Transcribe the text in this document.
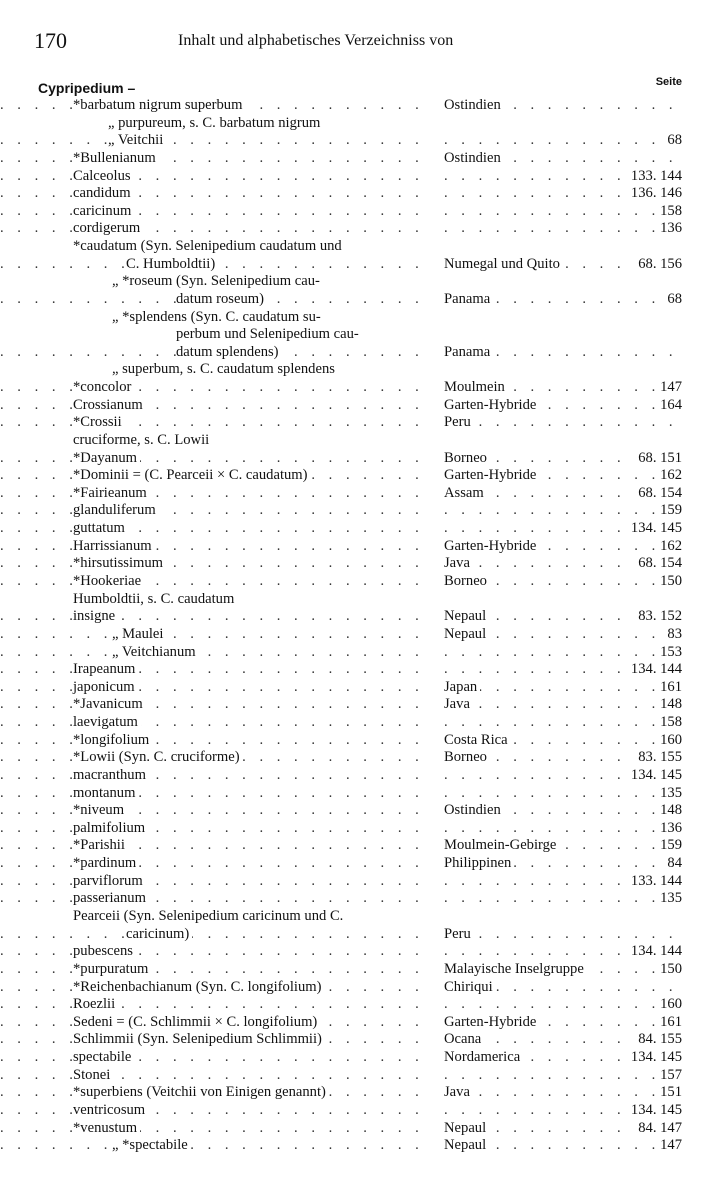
170	Inhalt und alphabetisches Verzeichniss von
Cypripedium –	Seite
. . .
*barbatum nigrum superbum . . .	Ostindien
„ purpureum, s. C. barbatum nigrum
. . .
„ Veitchii . . .	68
. . .
*Bullenianum . . .	Ostindien
. . .
Calceolus . . .	133. 144
. . .
candidum . . .	136. 146
. . .
caricinum . . .	158
. . .
cordigerum . . .	136
*caudatum (Syn. Selenipedium caudatum und
. . .
C. Humboldtii) . . .	Numegal und Quito	68. 156
„ *roseum (Syn. Selenipedium cau-
. . .
datum roseum) . . .	Panama	68
„ *splendens (Syn. C. caudatum su-
perbum und Selenipedium cau-
. . .
datum splendens) . . .	Panama
„ superbum, s. C. caudatum splendens
. . .
*concolor . . .	Moulmein	147
. . .
Crossianum . . .	Garten-Hybride	164
. . .
*Crossii . . .	Peru
cruciforme, s. C. Lowii
. . .
*Dayanum . . .	Borneo	68. 151
. . .
*Dominii = (C. Pearceii × C. caudatum) . . .	Garten-Hybride	162
. . .
*Fairieanum . . .	Assam	68. 154
. . .
glanduliferum . . .	159
. . .
guttatum . . .	134. 145
. . .
Harrissianum . . .	Garten-Hybride	162
. . .
*hirsutissimum . . .	Java	68. 154
. . .
*Hookeriae . . .	Borneo	150
Humboldtii, s. C. caudatum
. . .
insigne . . .	Nepaul	83. 152
. . .
„ Maulei . . .	Nepaul	83
. . .
„ Veitchianum . . .	153
. . .
Irapeanum . . .	134. 144
. . .
japonicum . . .	Japan	161
. . .
*Javanicum . . .	Java	148
. . .
laevigatum . . .	158
. . .
*longifolium . . .	Costa Rica	160
. . .
*Lowii (Syn. C. cruciforme) . . .	Borneo	83. 155
. . .
macranthum . . .	134. 145
. . .
montanum . . .	135
. . .
*niveum . . .	Ostindien	148
. . .
palmifolium . . .	136
. . .
*Parishii . . .	Moulmein-Gebirge	159
. . .
*pardinum . . .	Philippinen	84
. . .
parviflorum . . .	133. 144
. . .
passerianum . . .	135
Pearceii (Syn. Selenipedium caricinum und C.
. . .
caricinum) . . .	Peru
. . .
pubescens . . .	134. 144
. . .
*purpuratum . . .	Malayische Inselgruppe	150
. . .
*Reichenbachianum (Syn. C. longifolium) . . .	Chiriqui
. . .
Roezlii . . .	160
. . .
Sedeni = (C. Schlimmii × C. longifolium) . . .	Garten-Hybride	161
. . .
Schlimmii (Syn. Selenipedium Schlimmii) . . .	Ocana	84. 155
. . .
spectabile . . .	Nordamerica	134. 145
. . .
Stonei . . .	157
. . .
*superbiens (Veitchii von Einigen genannt) . . .	Java	151
. . .
ventricosum . . .	134. 145
. . .
*venustum . . .	Nepaul	84. 147
. . .
„ *spectabile . . .	Nepaul	147
